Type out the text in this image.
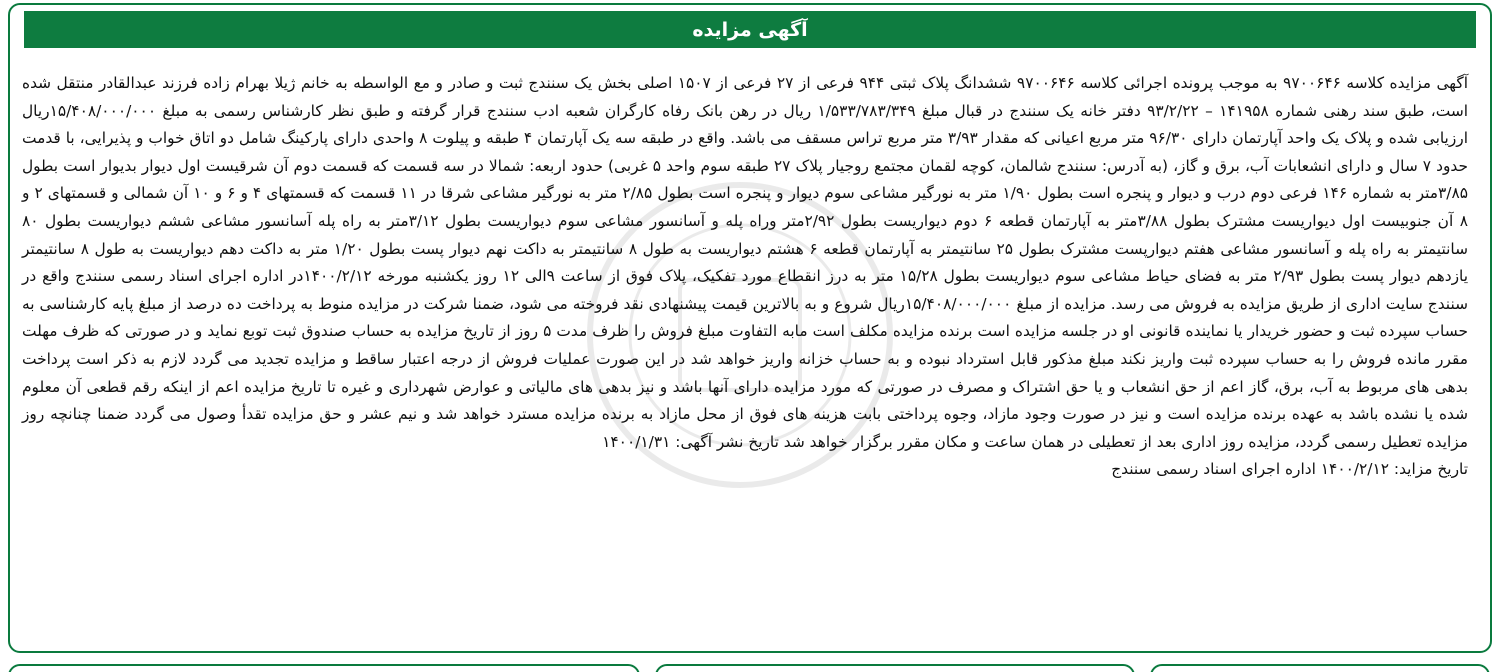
آگهی مزایده

آگهی مزایده کلاسه ۹۷۰۰۶۴۶ به موجب پرونده اجرائی کلاسه ۹۷۰۰۶۴۶ ششدانگ پلاک ثبتی ۹۴۴ فرعی از ۲۷ فرعی از ۱۵۰۷ اصلی بخش یک سنندج ثبت و صادر و مع الواسطه به خانم ژیلا بهرام زاده فرزند عبدالقادر منتقل شده است، طبق سند رهنی شماره ۱۴۱۹۵۸ – ۹۳/۲/۲۲ دفتر خانه یک سنندج در قبال مبلغ ۱/۵۳۳/۷۸۳/۳۴۹ ریال در رهن بانک رفاه کارگران شعبه ادب سنندج قرار گرفته و طبق نظر کارشناس رسمی به مبلغ ۱۵/۴۰۸/۰۰۰/۰۰۰ریال ارزیابی شده و پلاک یک واحد آپارتمان دارای ۹۶/۳۰ متر مربع اعیانی که مقدار ۳/۹۳ متر مربع تراس مسقف می باشد. واقع در طبقه سه یک آپارتمان ۴ طبقه و پیلوت ۸ واحدی دارای پارکینگ شامل دو اتاق خواب و پذیرایی، با قدمت حدود ۷ سال و دارای انشعابات آب، برق و گاز، (به آدرس: سنندج شالمان، کوچه لقمان مجتمع روجیار پلاک ۲۷ طبقه سوم واحد ۵ غربی) حدود اربعه: شمالا در سه قسمت که قسمت دوم آن شرقیست اول دیوار بدیوار است بطول ۳/۸۵متر به شماره ۱۴۶ فرعی دوم درب و دیوار و پنجره است بطول ۱/۹۰ متر به نورگیر مشاعی سوم دیوار و پنجره است بطول ۲/۸۵ متر به نورگیر مشاعی شرقا در ۱۱ قسمت که قسمتهای ۴ و ۶ و ۱۰ آن شمالی و قسمتهای ۲ و ۸ آن جنوبیست اول دیواریست مشترک بطول ۳/۸۸متر به آپارتمان قطعه ۶ دوم دیواریست بطول ۲/۹۲متر وراه پله و آسانسور مشاعی سوم دیواریست بطول ۳/۱۲متر به راه پله آسانسور مشاعی ششم دیواریست بطول ۸۰ سانتیمتر به راه پله و آسانسور مشاعی هفتم دیوارپست مشترک بطول ۲۵ سانتیمتر به آپارتمان قطعه ۶ هشتم دیواریست به طول ۸ سانتیمتر به داکت نهم دیوار پست بطول ۱/۲۰ متر به داکت دهم دیواریست به طول ۸ سانتیمتر یازدهم دیوار پست بطول ۲/۹۳ متر به فضای حیاط مشاعی سوم دیواریست بطول ۱۵/۲۸ متر به درز انقطاع مورد تفکیک، پلاک فوق از ساعت ۹الی ۱۲ روز یکشنبه مورخه ۱۴۰۰/۲/۱۲در اداره اجرای اسناد رسمی سنندج واقع در سنندج سایت اداری از طریق مزایده به فروش می رسد. مزایده از مبلغ ۱۵/۴۰۸/۰۰۰/۰۰۰ریال شروع و به بالاترین قیمت پیشنهادی نقد فروخته می شود، ضمنا شرکت در مزایده منوط به پرداخت ده درصد از مبلغ پایه کارشناسی به حساب سپرده ثبت و حضور خریدار یا نماینده قانونی او در جلسه مزایده است برنده مزایده مکلف است مابه التفاوت مبلغ فروش را ظرف مدت ۵ روز از تاریخ مزایده به حساب صندوق ثبت توبع نماید و در صورتی که ظرف مهلت مقرر مانده فروش را به حساب سپرده ثبت واریز نکند مبلغ مذکور قابل استرداد نبوده و به حساب خزانه واریز خواهد شد در این صورت عملیات فروش از درجه اعتبار ساقط و مزایده تجدید می گردد لازم به ذکر است پرداخت بدهی های مربوط به آب، برق، گاز اعم از حق انشعاب و یا حق اشتراک و مصرف در صورتی که مورد مزایده دارای آنها باشد و نیز بدهی های مالیاتی و عوارض شهرداری و غیره تا تاریخ مزایده اعم از اینکه رقم قطعی آن معلوم شده یا نشده باشد به عهده برنده مزایده است و نیز در صورت وجود مازاد، وجوه پرداختی بابت هزینه های فوق از محل مازاد به برنده مزایده مسترد خواهد شد و نیم عشر و حق مزایده تقدأ وصول می گردد ضمنا چنانچه روز مزایده تعطیل رسمی گردد، مزایده روز اداری بعد از تعطیلی در همان ساعت و مکان مقرر برگزار خواهد شد تاریخ نشر آگهی: ۱۴۰۰/۱/۳۱

تاریخ مزاید: ۱۴۰۰/۲/۱۲ اداره اجرای اسناد رسمی سنندج
